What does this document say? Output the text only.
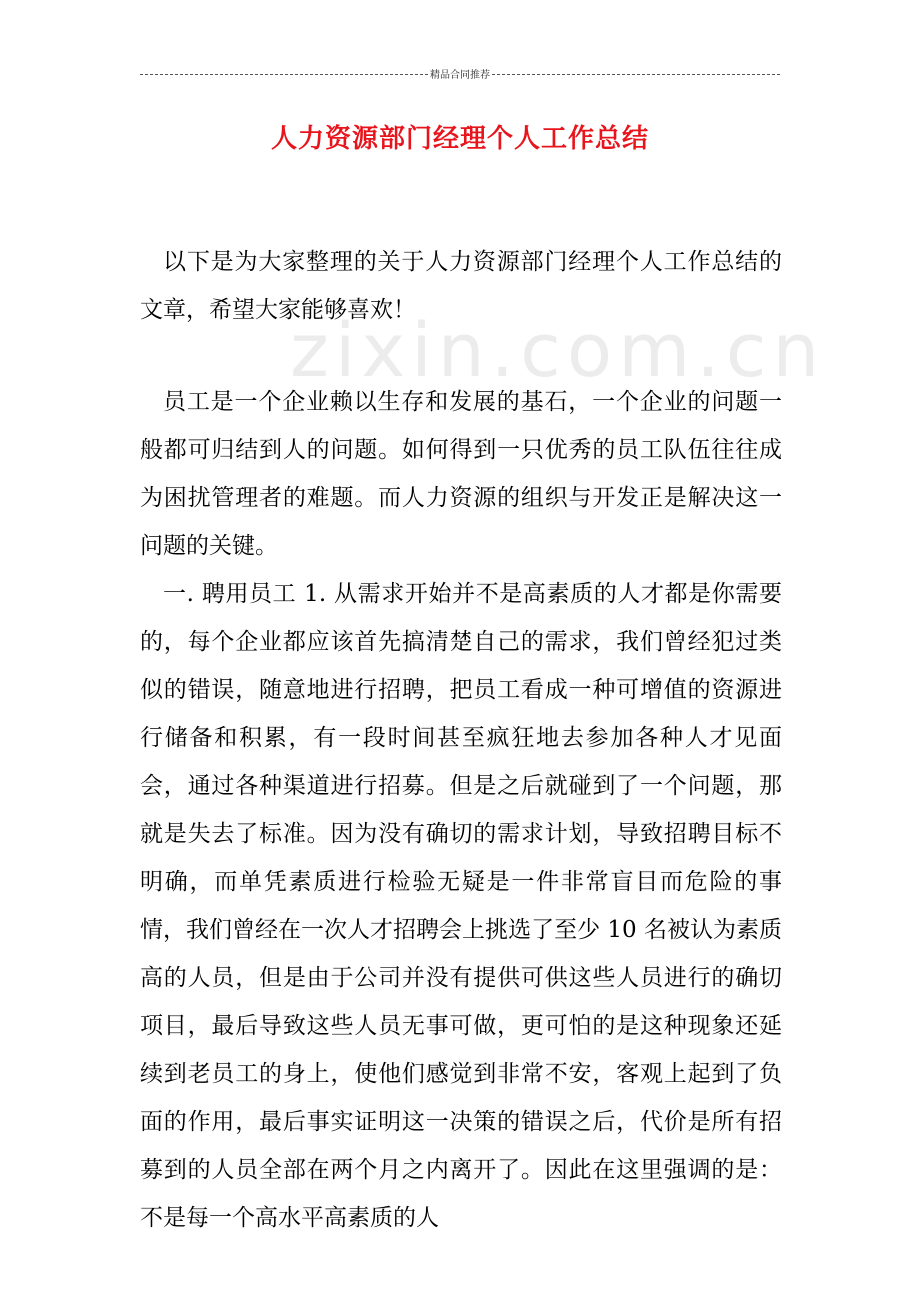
精品合同推荐
人力资源部门经理个人工作总结
zixin.com.cn

以下是为大家整理的关于人力资源部门经理个人工作总结的文章，希望大家能够喜欢！

员工是一个企业赖以生存和发展的基石，一个企业的问题一般都可归结到人的问题。如何得到一只优秀的员工队伍往往成为困扰管理者的难题。而人力资源的组织与开发正是解决这一问题的关键。

一. 聘用员工 1. 从需求开始并不是高素质的人才都是你需要的，每个企业都应该首先搞清楚自己的需求，我们曾经犯过类似的错误，随意地进行招聘，把员工看成一种可增值的资源进行储备和积累，有一段时间甚至疯狂地去参加各种人才见面会，通过各种渠道进行招募。但是之后就碰到了一个问题，那就是失去了标准。因为没有确切的需求计划，导致招聘目标不明确，而单凭素质进行检验无疑是一件非常盲目而危险的事情，我们曾经在一次人才招聘会上挑选了至少 10 名被认为素质高的人员，但是由于公司并没有提供可供这些人员进行的确切项目，最后导致这些人员无事可做，更可怕的是这种现象还延续到老员工的身上，使他们感觉到非常不安，客观上起到了负面的作用，最后事实证明这一决策的错误之后，代价是所有招募到的人员全部在两个月之内离开了。因此在这里强调的是：不是每一个高水平高素质的人
